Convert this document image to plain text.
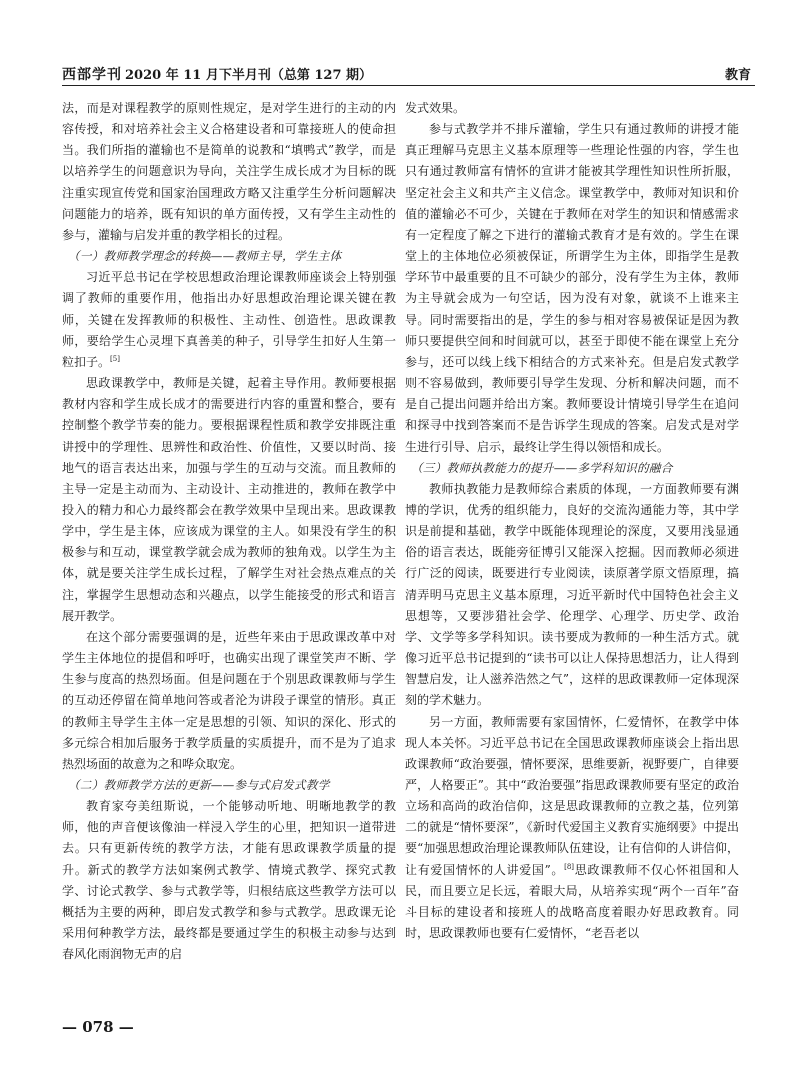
西部学刊 2020 年 11 月下半月刊（总第 127 期）	教育

法，而是对课程教学的原则性规定，是对学生进行的主动的内容传授，和对培养社会主义合格建设者和可靠接班人的使命担当。我们所指的灌输也不是简单的说教和“填鸭式”教学，而是以培养学生的问题意识为导向，关注学生成长成才为目标的既注重实现宣传党和国家治国理政方略又注重学生分析问题解决问题能力的培养，既有知识的单方面传授，又有学生主动性的参与，灌输与启发并重的教学相长的过程。

（一）教师教学理念的转换——教师主导，学生主体

习近平总书记在学校思想政治理论课教师座谈会上特别强调了教师的重要作用，他指出办好思想政治理论课关键在教师，关键在发挥教师的积极性、主动性、创造性。思政课教师，要给学生心灵埋下真善美的种子，引导学生扣好人生第一粒扣子。[5]

思政课教学中，教师是关键，起着主导作用。教师要根据教材内容和学生成长成才的需要进行内容的重置和整合，要有控制整个教学节奏的能力。要根据课程性质和教学安排既注重讲授中的学理性、思辨性和政治性、价值性，又要以时尚、接地气的语言表达出来，加强与学生的互动与交流。而且教师的主导一定是主动而为、主动设计、主动推进的，教师在教学中投入的精力和心力最终都会在教学效果中呈现出来。思政课教学中，学生是主体，应该成为课堂的主人。如果没有学生的积极参与和互动，课堂教学就会成为教师的独角戏。以学生为主体，就是要关注学生成长过程，了解学生对社会热点难点的关注，掌握学生思想动态和兴趣点，以学生能接受的形式和语言展开教学。

在这个部分需要强调的是，近些年来由于思政课改革中对学生主体地位的提倡和呼吁，也确实出现了课堂笑声不断、学生参与度高的热烈场面。但是问题在于个别思政课教师与学生的互动还停留在简单地问答或者沦为讲段子课堂的情形。真正的教师主导学生主体一定是思想的引领、知识的深化、形式的多元综合相加后服务于教学质量的实质提升，而不是为了追求热烈场面的故意为之和哗众取宠。

（二）教师教学方法的更新——参与式启发式教学

教育家夸美纽斯说，一个能够动听地、明晰地教学的教师，他的声音便该像油一样浸入学生的心里，把知识一道带进去。只有更新传统的教学方法，才能有思政课教学质量的提升。新式的教学方法如案例式教学、情境式教学、探究式教学、讨论式教学、参与式教学等，归根结底这些教学方法可以概括为主要的两种，即启发式教学和参与式教学。思政课无论采用何种教学方法，最终都是要通过学生的积极主动参与达到春风化雨润物无声的启

发式效果。

参与式教学并不排斥灌输，学生只有通过教师的讲授才能真正理解马克思主义基本原理等一些理论性强的内容，学生也只有通过教师富有情怀的宣讲才能被其学理性知识性所折服，坚定社会主义和共产主义信念。课堂教学中，教师对知识和价值的灌输必不可少，关键在于教师在对学生的知识和情感需求有一定程度了解之下进行的灌输式教育才是有效的。学生在课堂上的主体地位必须被保证，所谓学生为主体，即指学生是教学环节中最重要的且不可缺少的部分，没有学生为主体，教师为主导就会成为一句空话，因为没有对象，就谈不上谁来主导。同时需要指出的是，学生的参与相对容易被保证是因为教师只要提供空间和时间就可以，甚至于即使不能在课堂上充分参与，还可以线上线下相结合的方式来补充。但是启发式教学则不容易做到，教师要引导学生发现、分析和解决问题，而不是自己提出问题并给出方案。教师要设计情境引导学生在追问和探寻中找到答案而不是告诉学生现成的答案。启发式是对学生进行引导、启示，最终让学生得以领悟和成长。

（三）教师执教能力的提升——多学科知识的融合

教师执教能力是教师综合素质的体现，一方面教师要有渊博的学识，优秀的组织能力，良好的交流沟通能力等，其中学识是前提和基础，教学中既能体现理论的深度，又要用浅显通俗的语言表达，既能旁征博引又能深入挖掘。因而教师必须进行广泛的阅读，既要进行专业阅读，读原著学原文悟原理，搞清弄明马克思主义基本原理，习近平新时代中国特色社会主义思想等，又要涉猎社会学、伦理学、心理学、历史学、政治学、文学等多学科知识。读书要成为教师的一种生活方式。就像习近平总书记提到的“读书可以让人保持思想活力，让人得到智慧启发，让人滋养浩然之气”，这样的思政课教师一定体现深刻的学术魅力。

另一方面，教师需要有家国情怀，仁爱情怀，在教学中体现人本关怀。习近平总书记在全国思政课教师座谈会上指出思政课教师“政治要强，情怀要深，思维要新，视野要广，自律要严，人格要正”。其中“政治要强”指思政课教师要有坚定的政治立场和高尚的政治信仰，这是思政课教师的立教之基，位列第二的就是“情怀要深”，《新时代爱国主义教育实施纲要》中提出要“加强思想政治理论课教师队伍建设，让有信仰的人讲信仰，让有爱国情怀的人讲爱国”。[8]思政课教师不仅心怀祖国和人民，而且要立足长远，着眼大局，从培养实现“两个一百年”奋斗目标的建设者和接班人的战略高度着眼办好思政教育。同时，思政课教师也要有仁爱情怀，“老吾老以

— 078 —
